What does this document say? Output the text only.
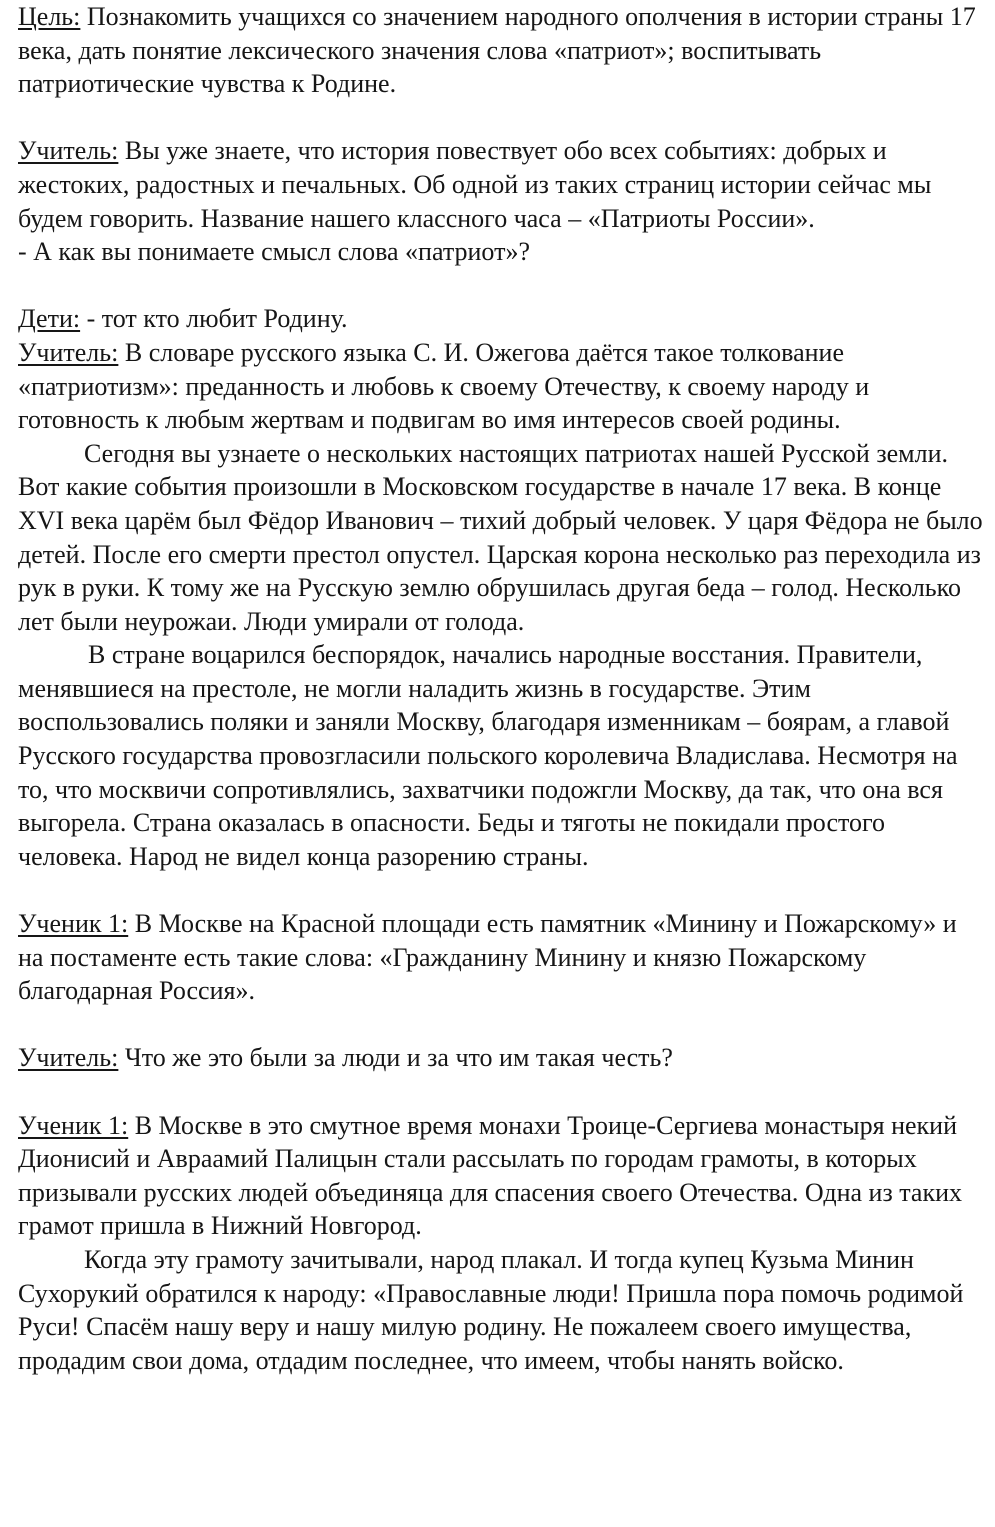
Цель: Познакомить учащихся со значением народного ополчения в истории страны 17 века, дать понятие лексического значения слова «патриот»; воспитывать патриотические чувства к Родине.

Учитель: Вы уже знаете, что история повествует обо всех событиях: добрых и жестоких, радостных и печальных. Об одной из таких страниц истории сейчас мы будем говорить. Название нашего классного часа – «Патриоты России».

- А как вы понимаете смысл слова «патриот»?

Дети: - тот кто любит Родину.

Учитель: В словаре русского языка С. И. Ожегова даётся такое толкование «патриотизм»: преданность и любовь к своему Отечеству, к своему народу и готовность к любым жертвам и подвигам во имя интересов своей родины.

Сегодня вы узнаете о нескольких настоящих патриотах нашей Русской земли. Вот какие события произошли в Московском государстве в начале 17 века. В конце XVI века царём был Фёдор Иванович – тихий добрый человек. У царя Фёдора не было детей. После его смерти престол опустел. Царская корона несколько раз переходила из рук в руки. К тому же на Русскую землю обрушилась другая беда – голод. Несколько лет были неурожаи. Люди умирали от голода.

В стране воцарился беспорядок, начались народные восстания. Правители, менявшиеся на престоле, не могли наладить жизнь в государстве. Этим воспользовались поляки и заняли Москву, благодаря изменникам – боярам, а главой Русского государства провозгласили польского королевича Владислава. Несмотря на то, что москвичи сопротивлялись, захватчики подожгли Москву, да так, что она вся выгорела. Страна оказалась в опасности. Беды и тяготы не покидали простого человека. Народ не видел конца разорению страны.

Ученик 1: В Москве на Красной площади есть памятник «Минину и Пожарскому» и на постаменте есть такие слова: «Гражданину Минину и князю Пожарскому благодарная Россия».

Учитель: Что же это были за люди и за что им такая честь?

Ученик 1: В Москве в это смутное время монахи Троице-Сергиева монастыря некий Дионисий и Авраамий Палицын стали рассылать по городам грамоты, в которых призывали русских людей объединяца для спасения своего Отечества. Одна из таких грамот пришла в Нижний Новгород.

Когда эту грамоту зачитывали, народ плакал. И тогда купец Кузьма Минин Сухорукий обратился к народу: «Православные люди! Пришла пора помочь родимой Руси! Спасём нашу веру и нашу милую родину. Не пожалеем своего имущества, продадим свои дома, отдадим последнее, что имеем, чтобы нанять войско.
